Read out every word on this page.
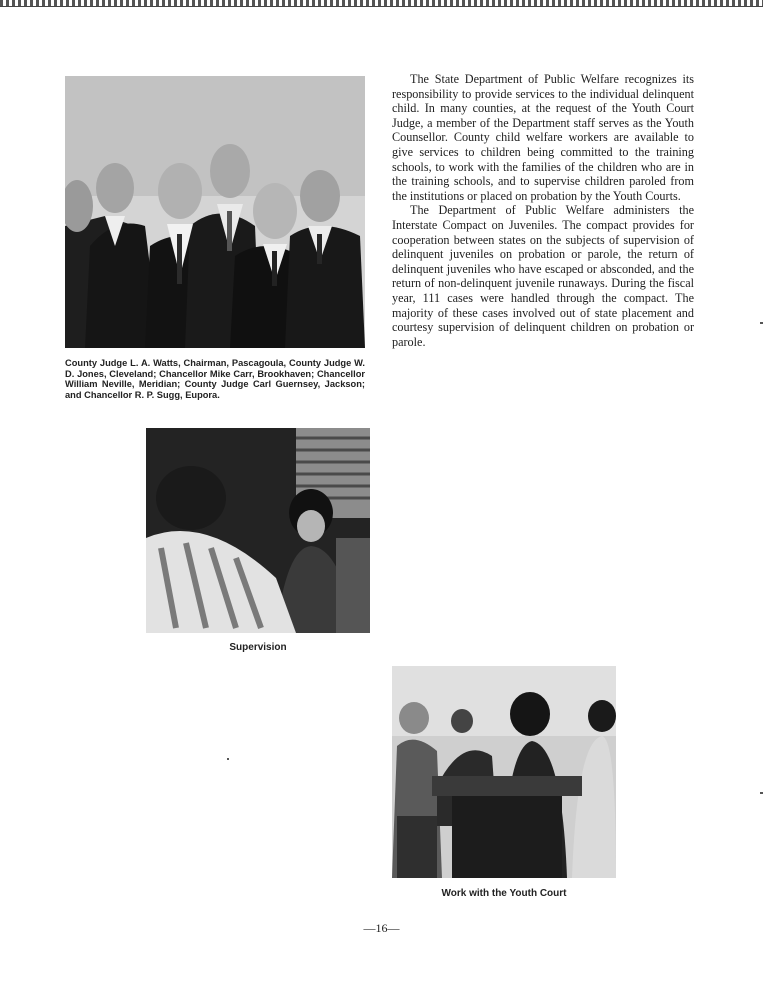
County Judge L. A. Watts, Chairman, Pascagoula, County Judge W. D. Jones, Cleveland; Chancellor Mike Carr, Brookhaven; Chancellor William Neville, Meridian; County Judge Carl Guernsey, Jackson; and Chancellor R. P. Sugg, Eupora.
Supervision

The State Department of Public Welfare recognizes its responsibility to provide services to the individual delinquent child. In many counties, at the request of the Youth Court Judge, a member of the Department staff serves as the Youth Counsellor. County child welfare workers are available to give services to children being committed to the training schools, to work with the families of the children who are in the training schools, and to supervise children paroled from the institutions or placed on probation by the Youth Courts.

The Department of Public Welfare administers the Interstate Compact on Juveniles. The compact provides for cooperation between states on the subjects of supervision of delinquent juveniles on probation or parole, the return of delinquent juveniles who have escaped or absconded, and the return of non-delinquent juvenile runaways. During the fiscal year, 111 cases were handled through the compact. The majority of these cases involved out of state placement and courtesy supervision of delinquent children on probation or parole.

Work with the Youth Court
—16—
